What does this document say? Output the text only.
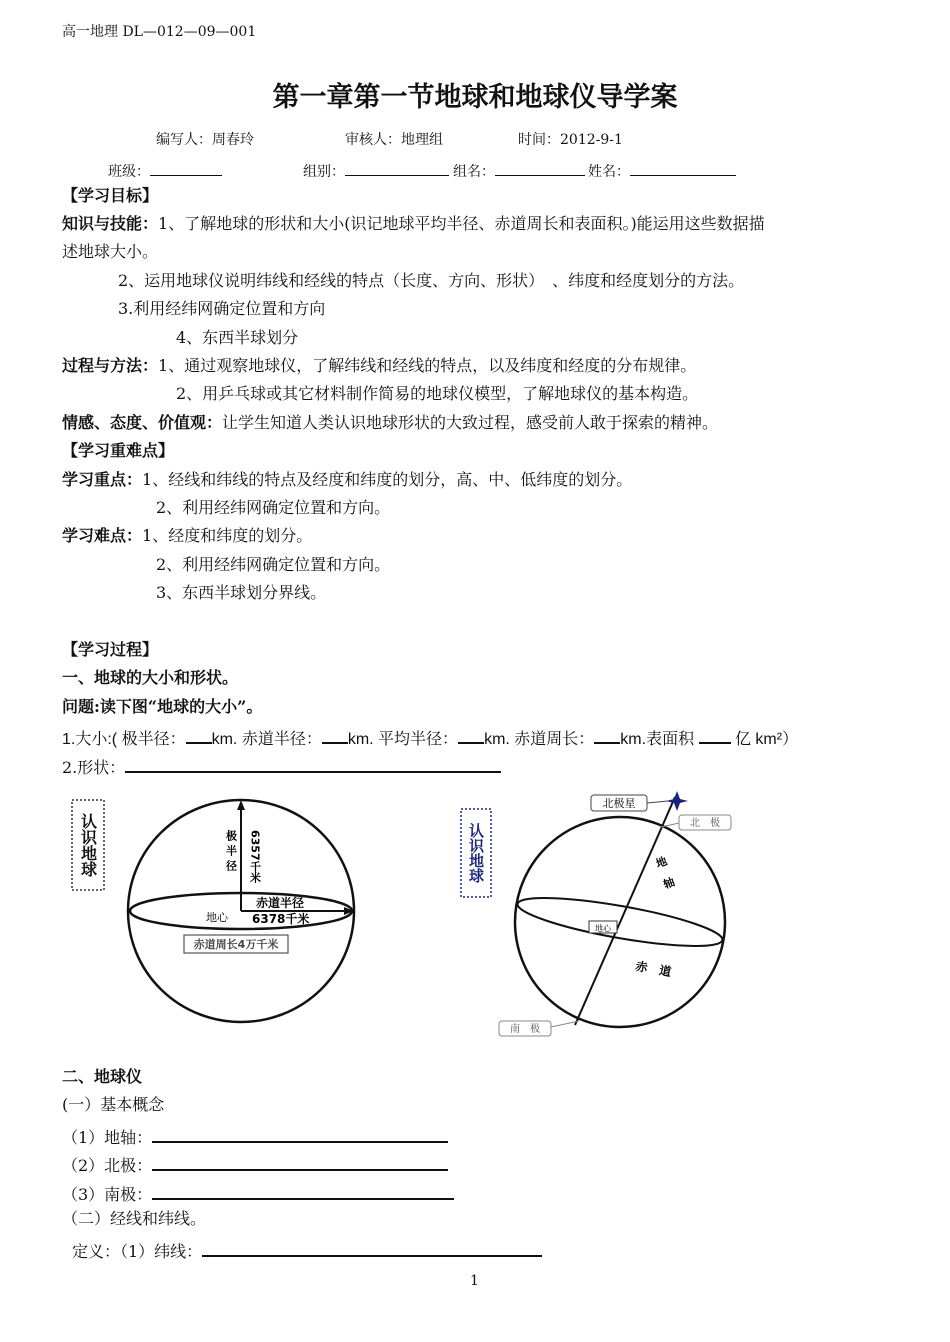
高一地理 DL—012—09—001
第一章第一节地球和地球仪导学案
编写人：周春玲	审核人：地理组	时间：2012-9-1
班级：	组别：	组名：	姓名：
【学习目标】
知识与技能：1、了解地球的形状和大小(识记地球平均半径、赤道周长和表面积。)能运用这些数据描
述地球大小。
2、运用地球仪说明纬线和经线的特点（长度、方向、形状）　、纬度和经度划分的方法。
3.利用经纬网确定位置和方向
4、东西半球划分
过程与方法：1、通过观察地球仪，了解纬线和经线的特点，以及纬度和经度的分布规律。
2、用乒乓球或其它材料制作简易的地球仪模型，了解地球仪的基本构造。
情感、态度、价值观：让学生知道人类认识地球形状的大致过程，感受前人敢于探索的精神。
【学习重难点】
学习重点：1、经线和纬线的特点及经度和纬度的划分，高、中、低纬度的划分。
2、利用经纬网确定位置和方向。
学习难点：1、经度和纬度的划分。
2、利用经纬网确定位置和方向。
3、东西半球划分界线。
【学习过程】
一、地球的大小和形状。
问题:读下图“地球的大小”。
1.大小:( 极半径： km. 赤道半径： km. 平均半径： km. 赤道周长： km.表面积	亿 km²）
2.形状：
认识地球	极 半 径 6357千米
赤道半径
6378千米
地心
赤道周长4万千米
认识地球
北极星
北　极
地　轴
地心
赤　道
南　极
二、地球仪
(一）基本概念
（1）地轴：
（2）北极：
（3）南极：
（二）经线和纬线。
定义：（1）纬线：
1
